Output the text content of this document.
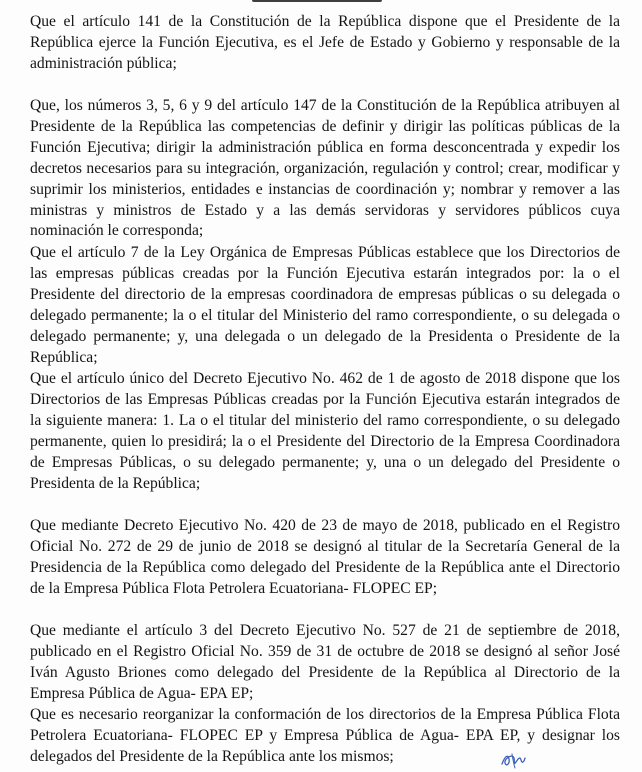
Que el artículo 141 de la Constitución de la República dispone que el Presidente de la República ejerce la Función Ejecutiva, es el Jefe de Estado y Gobierno y responsable de la administración pública;

Que, los números 3, 5, 6 y 9 del artículo 147 de la Constitución de la República atribuyen al Presidente de la República las competencias de definir y dirigir las políticas públicas de la Función Ejecutiva; dirigir la administración pública en forma desconcentrada y expedir los decretos necesarios para su integración, organización, regulación y control; crear, modificar y suprimir los ministerios, entidades e instancias de coordinación y; nombrar y remover a las ministras y ministros de Estado y a las demás servidoras y servidores públicos cuya nominación le corresponda;

Que el artículo 7 de la Ley Orgánica de Empresas Públicas establece que los Directorios de las empresas públicas creadas por la Función Ejecutiva estarán integrados por: la o el Presidente del directorio de la empresas coordinadora de empresas públicas o su delegada o delegado permanente; la o el titular del Ministerio del ramo correspondiente, o su delegada o delegado permanente; y, una delegada o un delegado de la Presidenta o Presidente de la República;

Que el artículo único del Decreto Ejecutivo No. 462 de 1 de agosto de 2018 dispone que los Directorios de las Empresas Públicas creadas por la Función Ejecutiva estarán integrados de la siguiente manera: 1. La o el titular del ministerio del ramo correspondiente, o su delegado permanente, quien lo presidirá; la o el Presidente del Directorio de la Empresa Coordinadora de Empresas Públicas, o su delegado permanente; y, una o un delegado del Presidente o Presidenta de la República;

Que mediante Decreto Ejecutivo No. 420 de 23 de mayo de 2018, publicado en el Registro Oficial No. 272 de 29 de junio de 2018 se designó al titular de la Secretaría General de la Presidencia de la República como delegado del Presidente de la República ante el Directorio de la Empresa Pública Flota Petrolera Ecuatoriana- FLOPEC EP;

Que mediante el artículo 3 del Decreto Ejecutivo No. 527 de 21 de septiembre de 2018, publicado en el Registro Oficial No. 359 de 31 de octubre de 2018 se designó al señor José Iván Agusto Briones como delegado del Presidente de la República al Directorio de la Empresa Pública de Agua- EPA EP;

Que es necesario reorganizar la conformación de los directorios de la Empresa Pública Flota Petrolera Ecuatoriana- FLOPEC EP y Empresa Pública de Agua- EPA EP, y designar los delegados del Presidente de la República ante los mismos;
